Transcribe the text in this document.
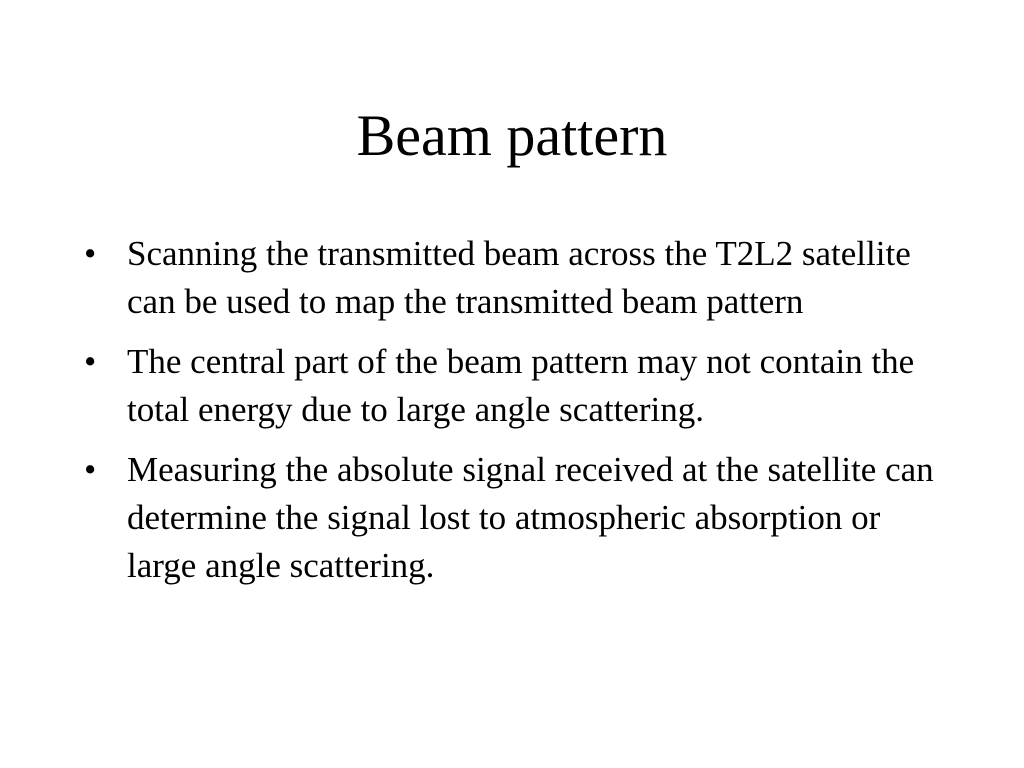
Beam pattern
• Scanning the transmitted beam across the T2L2 satellite can be used to map the transmitted beam pattern
• The central part of the beam pattern may not contain the total energy due to large angle scattering.
• Measuring the absolute signal received at the satellite can determine the signal lost to atmospheric absorption or large angle scattering.
